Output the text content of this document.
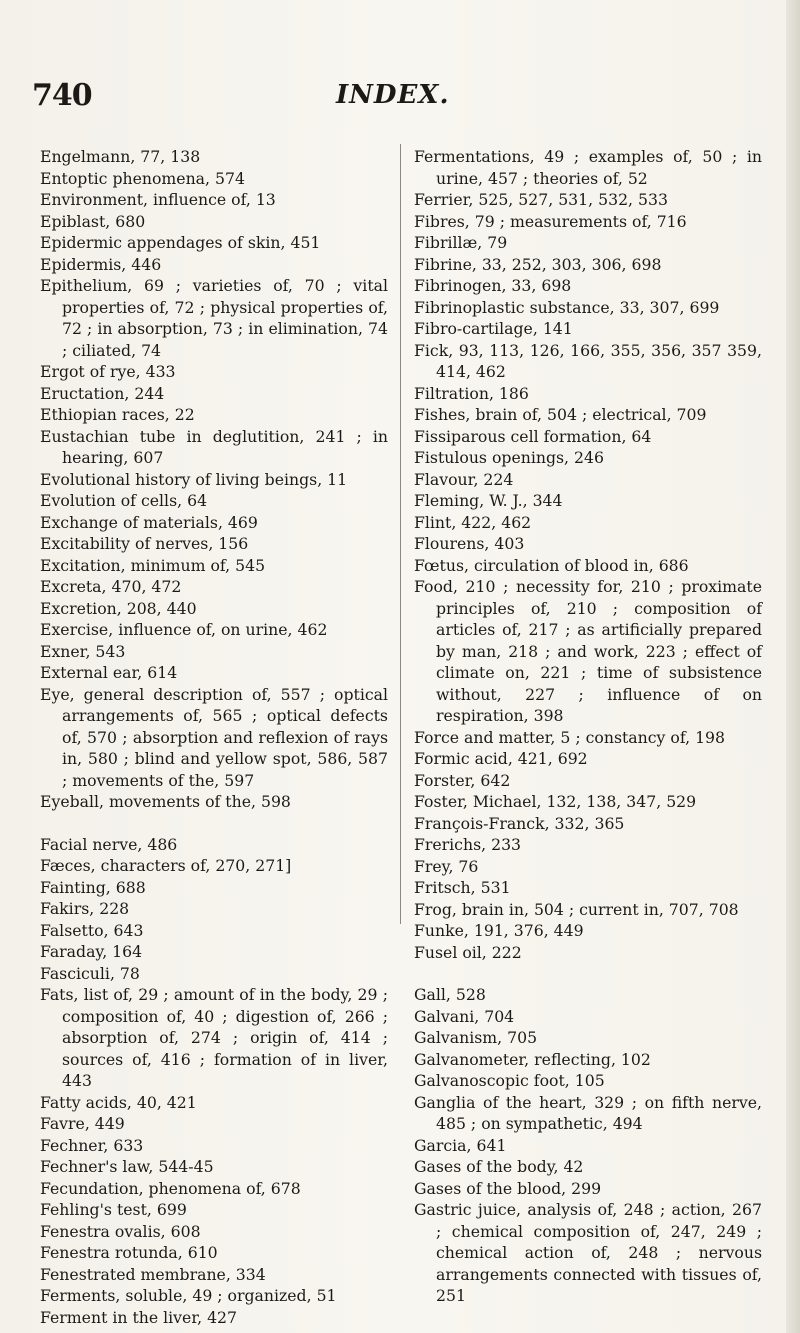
740	INDEX.
Engelmann, 77, 138
Entoptic phenomena, 574
Environment, influence of, 13
Epiblast, 680
Epidermic appendages of skin, 451
Epidermis, 446
Epithelium, 69 ; varieties of, 70 ; vital properties of, 72 ; physical properties of, 72 ; in absorption, 73 ; in elimination, 74 ; ciliated, 74
Ergot of rye, 433
Eructation, 244
Ethiopian races, 22
Eustachian tube in deglutition, 241 ; in hearing, 607
Evolutional history of living beings, 11
Evolution of cells, 64
Exchange of materials, 469
Excitability of nerves, 156
Excitation, minimum of, 545
Excreta, 470, 472
Excretion, 208, 440
Exercise, influence of, on urine, 462
Exner, 543
External ear, 614
Eye, general description of, 557 ; optical arrangements of, 565 ; optical defects of, 570 ; absorption and reflexion of rays in, 580 ; blind and yellow spot, 586, 587 ; movements of the, 597
Eyeball, movements of the, 598
Facial nerve, 486
Fæces, characters of, 270, 271]
Fainting, 688
Fakirs, 228
Falsetto, 643
Faraday, 164
Fasciculi, 78
Fats, list of, 29 ; amount of in the body, 29 ; composition of, 40 ; digestion of, 266 ; absorption of, 274 ; origin of, 414 ; sources of, 416 ; formation of in liver, 443
Fatty acids, 40, 421
Favre, 449
Fechner, 633
Fechner's law, 544-45
Fecundation, phenomena of, 678
Fehling's test, 699
Fenestra ovalis, 608
Fenestra rotunda, 610
Fenestrated membrane, 334
Ferments, soluble, 49 ; organized, 51
Ferment in the liver, 427
Fermentations, 49 ; examples of, 50 ; in urine, 457 ; theories of, 52
Ferrier, 525, 527, 531, 532, 533
Fibres, 79 ; measurements of, 716
Fibrillæ, 79
Fibrine, 33, 252, 303, 306, 698
Fibrinogen, 33, 698
Fibrinoplastic substance, 33, 307, 699
Fibro-cartilage, 141
Fick, 93, 113, 126, 166, 355, 356, 357 359, 414, 462
Filtration, 186
Fishes, brain of, 504 ; electrical, 709
Fissiparous cell formation, 64
Fistulous openings, 246
Flavour, 224
Fleming, W. J., 344
Flint, 422, 462
Flourens, 403
Fœtus, circulation of blood in, 686
Food, 210 ; necessity for, 210 ; proximate principles of, 210 ; composition of articles of, 217 ; as artificially prepared by man, 218 ; and work, 223 ; effect of climate on, 221 ; time of subsistence without, 227 ; influence of on respiration, 398
Force and matter, 5 ; constancy of, 198
Formic acid, 421, 692
Forster, 642
Foster, Michael, 132, 138, 347, 529
François-Franck, 332, 365
Frerichs, 233
Frey, 76
Fritsch, 531
Frog, brain in, 504 ; current in, 707, 708
Funke, 191, 376, 449
Fusel oil, 222
Gall, 528
Galvani, 704
Galvanism, 705
Galvanometer, reflecting, 102
Galvanoscopic foot, 105
Ganglia of the heart, 329 ; on fifth nerve, 485 ; on sympathetic, 494
Garcia, 641
Gases of the body, 42
Gases of the blood, 299
Gastric juice, analysis of, 248 ; action, 267 ; chemical composition of, 247, 249 ; chemical action of, 248 ; nervous arrangements connected with tissues of, 251
